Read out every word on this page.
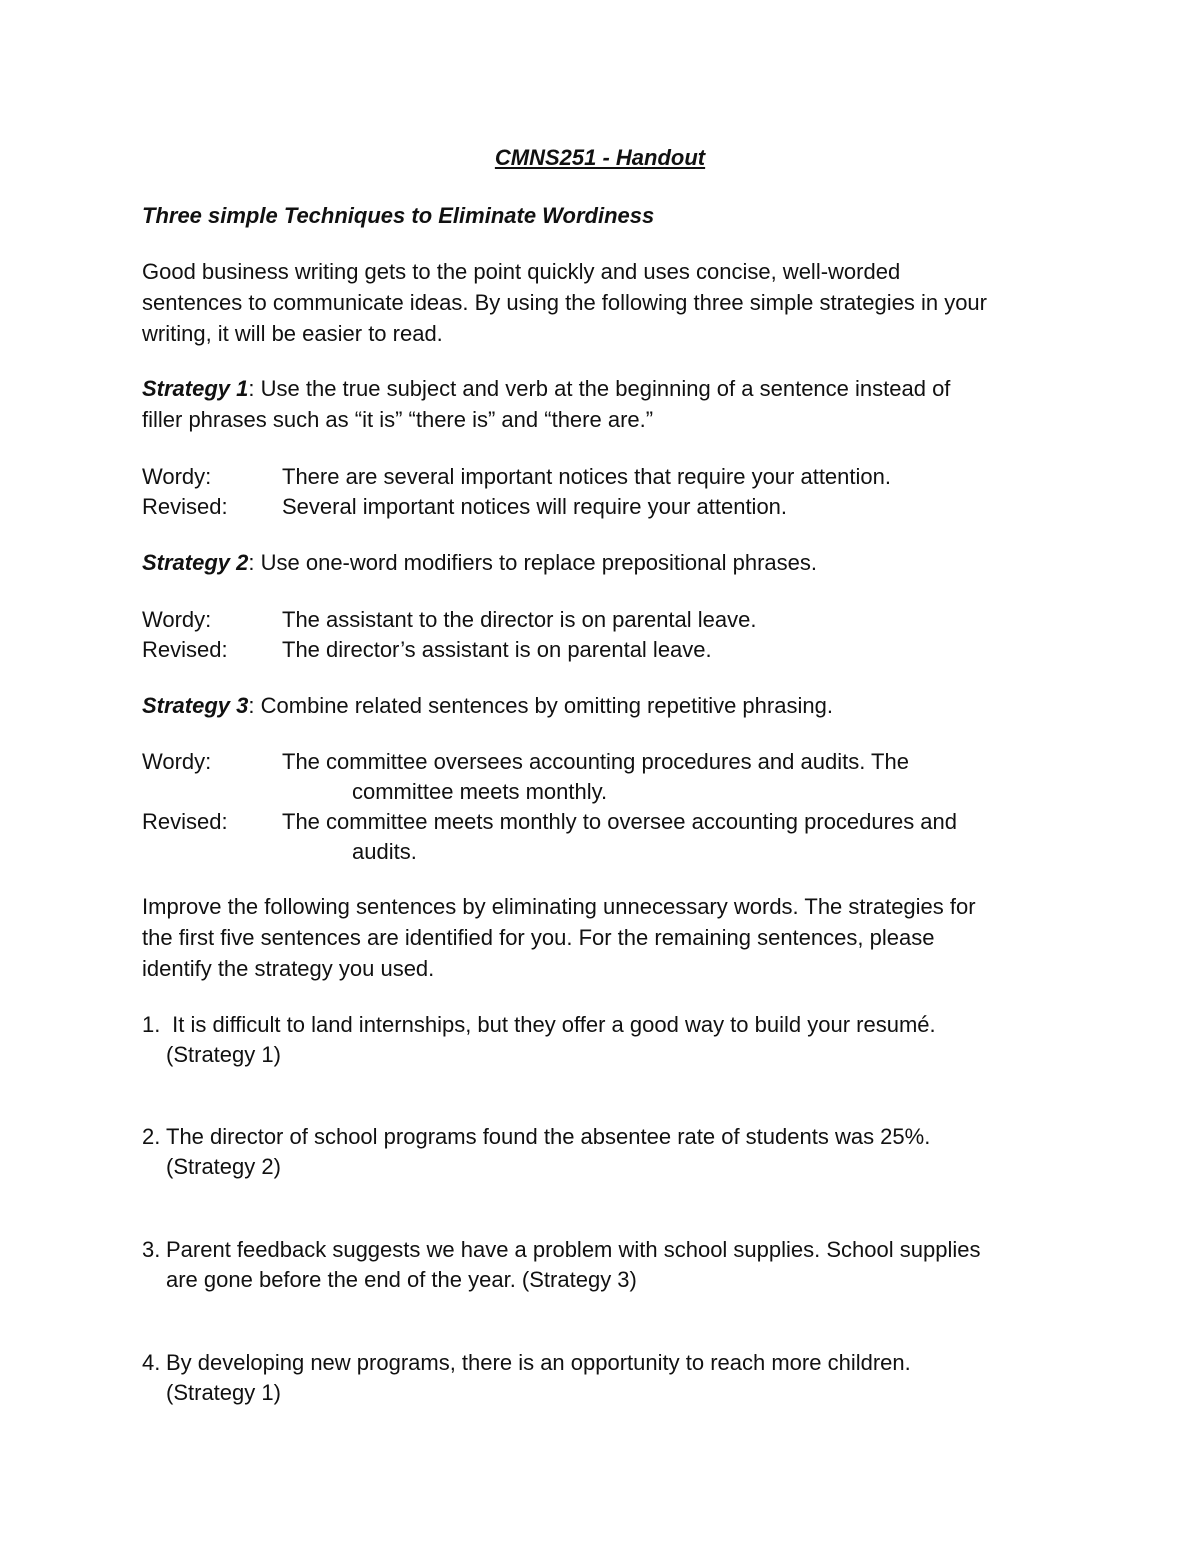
CMNS251 - Handout

Three simple Techniques to Eliminate Wordiness

Good business writing gets to the point quickly and uses concise, well-worded

sentences to communicate ideas. By using the following three simple strategies in your

writing, it will be easier to read.

Strategy 1: Use the true subject and verb at the beginning of a sentence instead of

filler phrases such as “it is” “there is” and “there are.”

Wordy:	There are several important notices that require your attention.
Revised: Several important notices will require your attention.

Strategy 2: Use one-word modifiers to replace prepositional phrases.

Wordy:	The assistant to the director is on parental leave.
Revised: The director’s assistant is on parental leave.

Strategy 3: Combine related sentences by omitting repetitive phrasing.

Wordy:	The committee oversees accounting procedures and audits. The
committee meets monthly.
Revised: The committee meets monthly to oversee accounting procedures and
audits.

Improve the following sentences by eliminating unnecessary words. The strategies for

the first five sentences are identified for you. For the remaining sentences, please

identify the strategy you used.

1. It is difficult to land internships, but they offer a good way to build your resumé.
(Strategy 1)
2. The director of school programs found the absentee rate of students was 25%.
(Strategy 2)
3. Parent feedback suggests we have a problem with school supplies. School supplies
are gone before the end of the year. (Strategy 3)
4. By developing new programs, there is an opportunity to reach more children.
(Strategy 1)
